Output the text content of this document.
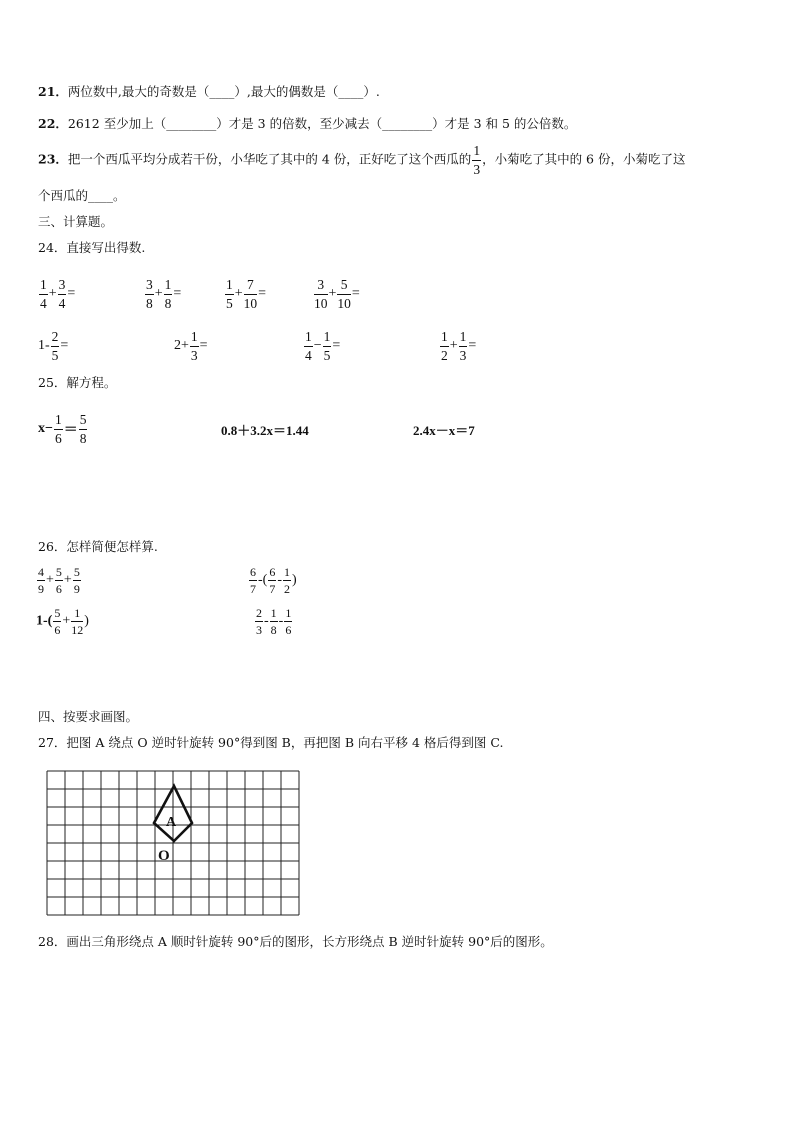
21．两位数中,最大的奇数是（____）,最大的偶数是（____）.
22．2612 至少加上（________）才是 3 的倍数，至少减去（________）才是 3 和 5 的公倍数。
23．把一个西瓜平均分成若干份，小华吃了其中的 4 份，正好吃了这个西瓜的 $\frac{1}{3}$ ，小菊吃了其中的 6 份，小菊吃了这
个西瓜的____。
三、计算题。
24．直接写出得数.
$\frac{1}{4} + \frac{3}{4}$ =	$\frac{3}{8} + \frac{1}{8}$ =	$\frac{1}{5} + \frac{7}{10}$ =	$\frac{3}{10} + \frac{5}{10}$ =
$1- \frac{2}{5}$ =	$2+ \frac{1}{3}$ =	$\frac{1}{4} - \frac{1}{5}$ =	$\frac{1}{2} + \frac{1}{3}$ =
25．解方程。
$x- \frac{1}{6} = \frac{5}{8}$	0.8＋3.2x＝1.44	2.4x－x＝7
26．怎样简便怎样算.
$\frac{4}{9} + \frac{5}{6} + \frac{5}{9}$	$\frac{6}{7}$ -( $\frac{6}{7} - \frac{1}{2}$ )
$1-( \frac{5}{6} + \frac{1}{12}$ )	$\frac{2}{3} - \frac{1}{8} - \frac{1}{6}$
四、按要求画图。
27．把图 A 绕点 O 逆时针旋转 90°得到图 B，再把图 B 向右平移 4 格后得到图 C.
A
O
28．画出三角形绕点 A 顺时针旋转 90°后的图形，长方形绕点 B 逆时针旋转 90°后的图形。
